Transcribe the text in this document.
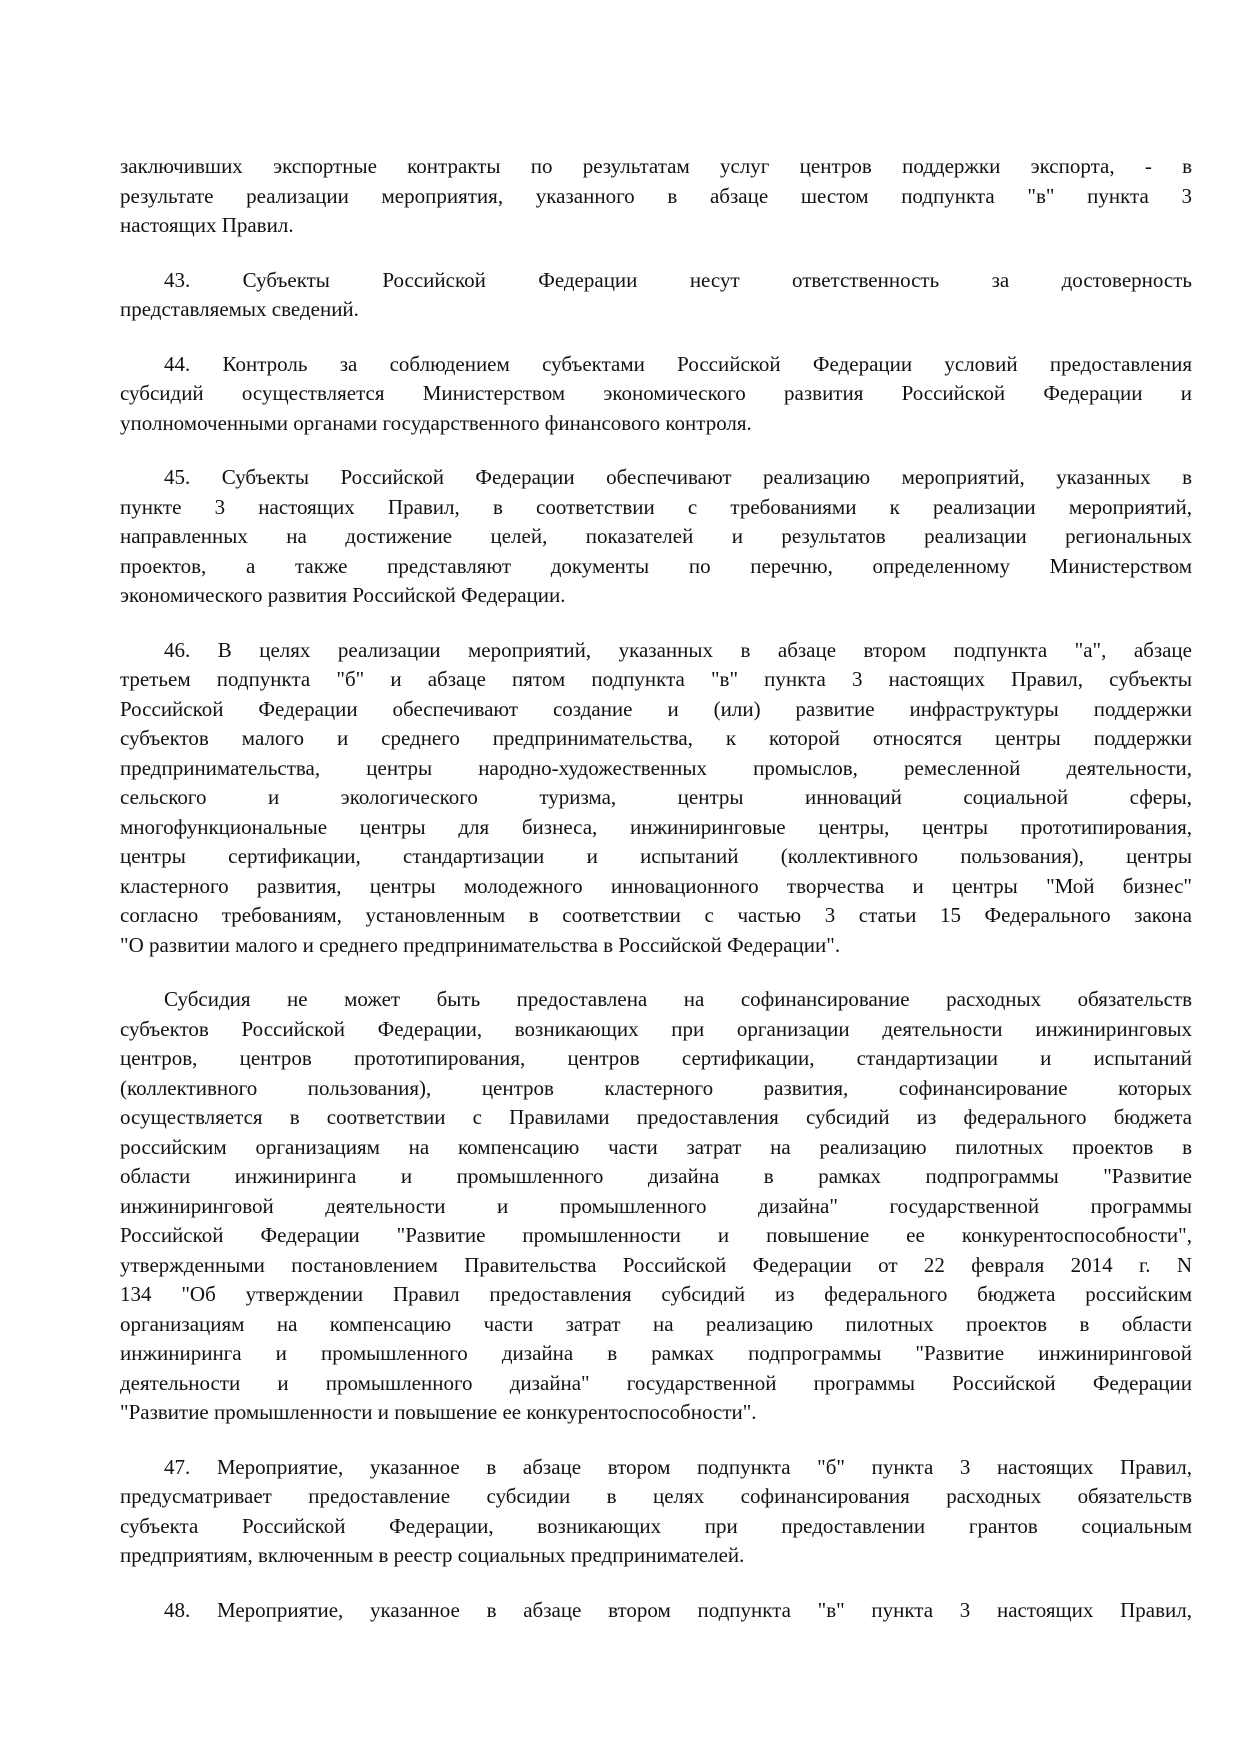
заключивших экспортные контракты по результатам услуг центров поддержки экспорта, - в
результате реализации мероприятия, указанного в абзаце шестом подпункта "в" пункта 3
настоящих Правил.
43. Субъекты Российской Федерации несут ответственность за достоверность
представляемых сведений.
44. Контроль за соблюдением субъектами Российской Федерации условий предоставления
субсидий осуществляется Министерством экономического развития Российской Федерации и
уполномоченными органами государственного финансового контроля.
45. Субъекты Российской Федерации обеспечивают реализацию мероприятий, указанных в
пункте 3 настоящих Правил, в соответствии с требованиями к реализации мероприятий,
направленных на достижение целей, показателей и результатов реализации региональных
проектов, а также представляют документы по перечню, определенному Министерством
экономического развития Российской Федерации.
46. В целях реализации мероприятий, указанных в абзаце втором подпункта "а", абзаце
третьем подпункта "б" и абзаце пятом подпункта "в" пункта 3 настоящих Правил, субъекты
Российской Федерации обеспечивают создание и (или) развитие инфраструктуры поддержки
субъектов малого и среднего предпринимательства, к которой относятся центры поддержки
предпринимательства, центры народно-художественных промыслов, ремесленной деятельности,
сельского и экологического туризма, центры инноваций социальной сферы,
многофункциональные центры для бизнеса, инжиниринговые центры, центры прототипирования,
центры сертификации, стандартизации и испытаний (коллективного пользования), центры
кластерного развития, центры молодежного инновационного творчества и центры "Мой бизнес"
согласно требованиям, установленным в соответствии с частью 3 статьи 15 Федерального закона
"О развитии малого и среднего предпринимательства в Российской Федерации".
Субсидия не может быть предоставлена на софинансирование расходных обязательств
субъектов Российской Федерации, возникающих при организации деятельности инжиниринговых
центров, центров прототипирования, центров сертификации, стандартизации и испытаний
(коллективного пользования), центров кластерного развития, софинансирование которых
осуществляется в соответствии с Правилами предоставления субсидий из федерального бюджета
российским организациям на компенсацию части затрат на реализацию пилотных проектов в
области инжиниринга и промышленного дизайна в рамках подпрограммы "Развитие
инжиниринговой деятельности и промышленного дизайна" государственной программы
Российской Федерации "Развитие промышленности и повышение ее конкурентоспособности",
утвержденными постановлением Правительства Российской Федерации от 22 февраля 2014 г. N
134 "Об утверждении Правил предоставления субсидий из федерального бюджета российским
организациям на компенсацию части затрат на реализацию пилотных проектов в области
инжиниринга и промышленного дизайна в рамках подпрограммы "Развитие инжиниринговой
деятельности и промышленного дизайна" государственной программы Российской Федерации
"Развитие промышленности и повышение ее конкурентоспособности".
47. Мероприятие, указанное в абзаце втором подпункта "б" пункта 3 настоящих Правил,
предусматривает предоставление субсидии в целях софинансирования расходных обязательств
субъекта Российской Федерации, возникающих при предоставлении грантов социальным
предприятиям, включенным в реестр социальных предпринимателей.
48. Мероприятие, указанное в абзаце втором подпункта "в" пункта 3 настоящих Правил,
